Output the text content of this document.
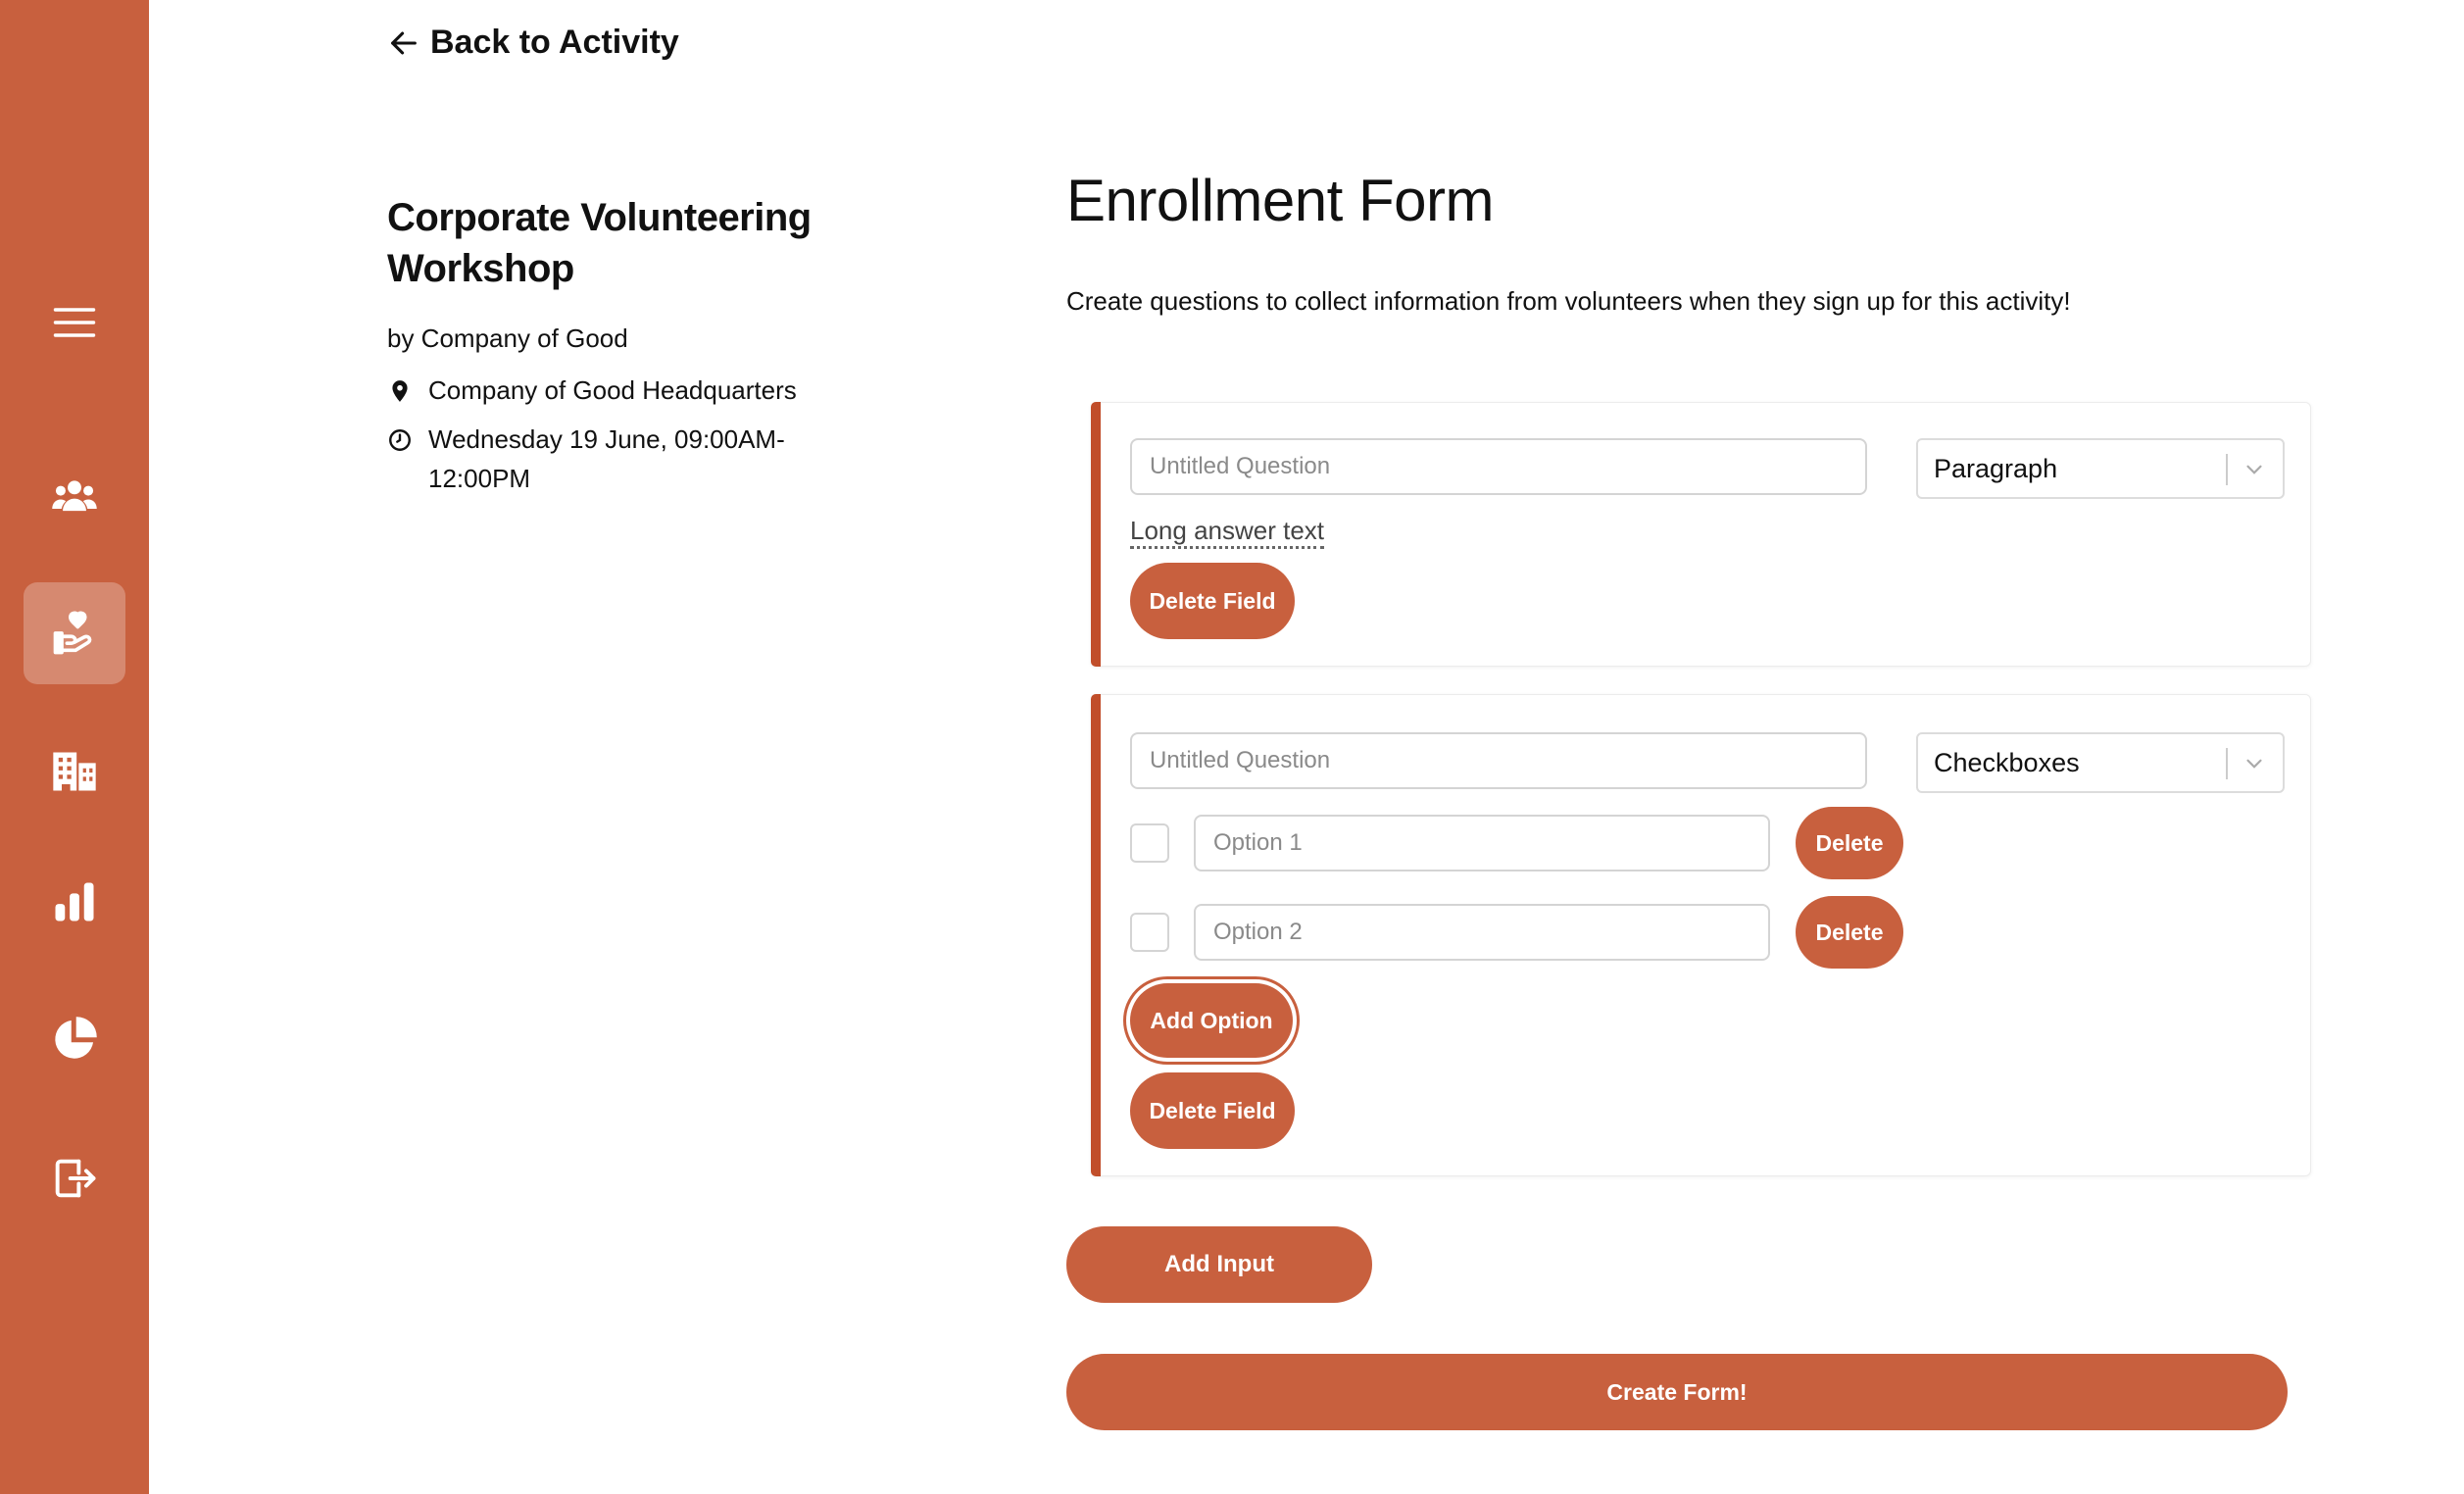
Back to Activity
Corporate Volunteering Workshop
by Company of Good
Company of Good Headquarters
Wednesday 19 June, 09:00AM-12:00PM
Enrollment Form

Create questions to collect information from volunteers when they sign up for this activity!

Untitled Question
Paragraph
Long answer text
Delete Field
Untitled Question
Checkboxes
Option 1
Delete
Option 2
Delete
Add Option
Delete Field
Add Input
Create Form!
